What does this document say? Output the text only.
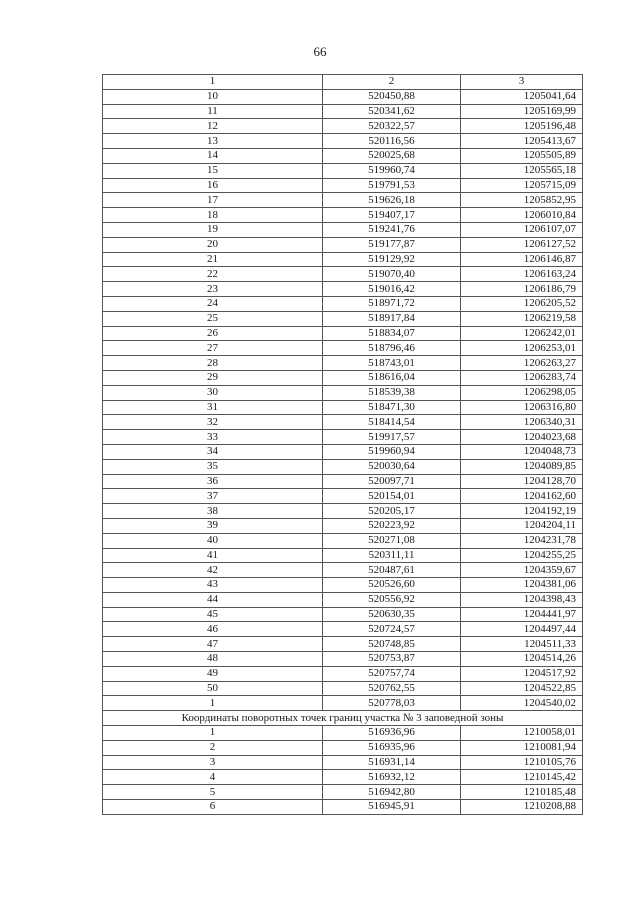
66
1	2	3
10	520450,88	1205041,64
11	520341,62	1205169,99
12	520322,57	1205196,48
13	520116,56	1205413,67
14	520025,68	1205505,89
15	519960,74	1205565,18
16	519791,53	1205715,09
17	519626,18	1205852,95
18	519407,17	1206010,84
19	519241,76	1206107,07
20	519177,87	1206127,52
21	519129,92	1206146,87
22	519070,40	1206163,24
23	519016,42	1206186,79
24	518971,72	1206205,52
25	518917,84	1206219,58
26	518834,07	1206242,01
27	518796,46	1206253,01
28	518743,01	1206263,27
29	518616,04	1206283,74
30	518539,38	1206298,05
31	518471,30	1206316,80
32	518414,54	1206340,31
33	519917,57	1204023,68
34	519960,94	1204048,73
35	520030,64	1204089,85
36	520097,71	1204128,70
37	520154,01	1204162,60
38	520205,17	1204192,19
39	520223,92	1204204,11
40	520271,08	1204231,78
41	520311,11	1204255,25
42	520487,61	1204359,67
43	520526,60	1204381,06
44	520556,92	1204398,43
45	520630,35	1204441,97
46	520724,57	1204497,44
47	520748,85	1204511,33
48	520753,87	1204514,26
49	520757,74	1204517,92
50	520762,55	1204522,85
1	520778,03	1204540,02
Координаты поворотных точек границ участка № 3 заповедной зоны		
1	516936,96	1210058,01
2	516935,96	1210081,94
3	516931,14	1210105,76
4	516932,12	1210145,42
5	516942,80	1210185,48
6	516945,91	1210208,88
